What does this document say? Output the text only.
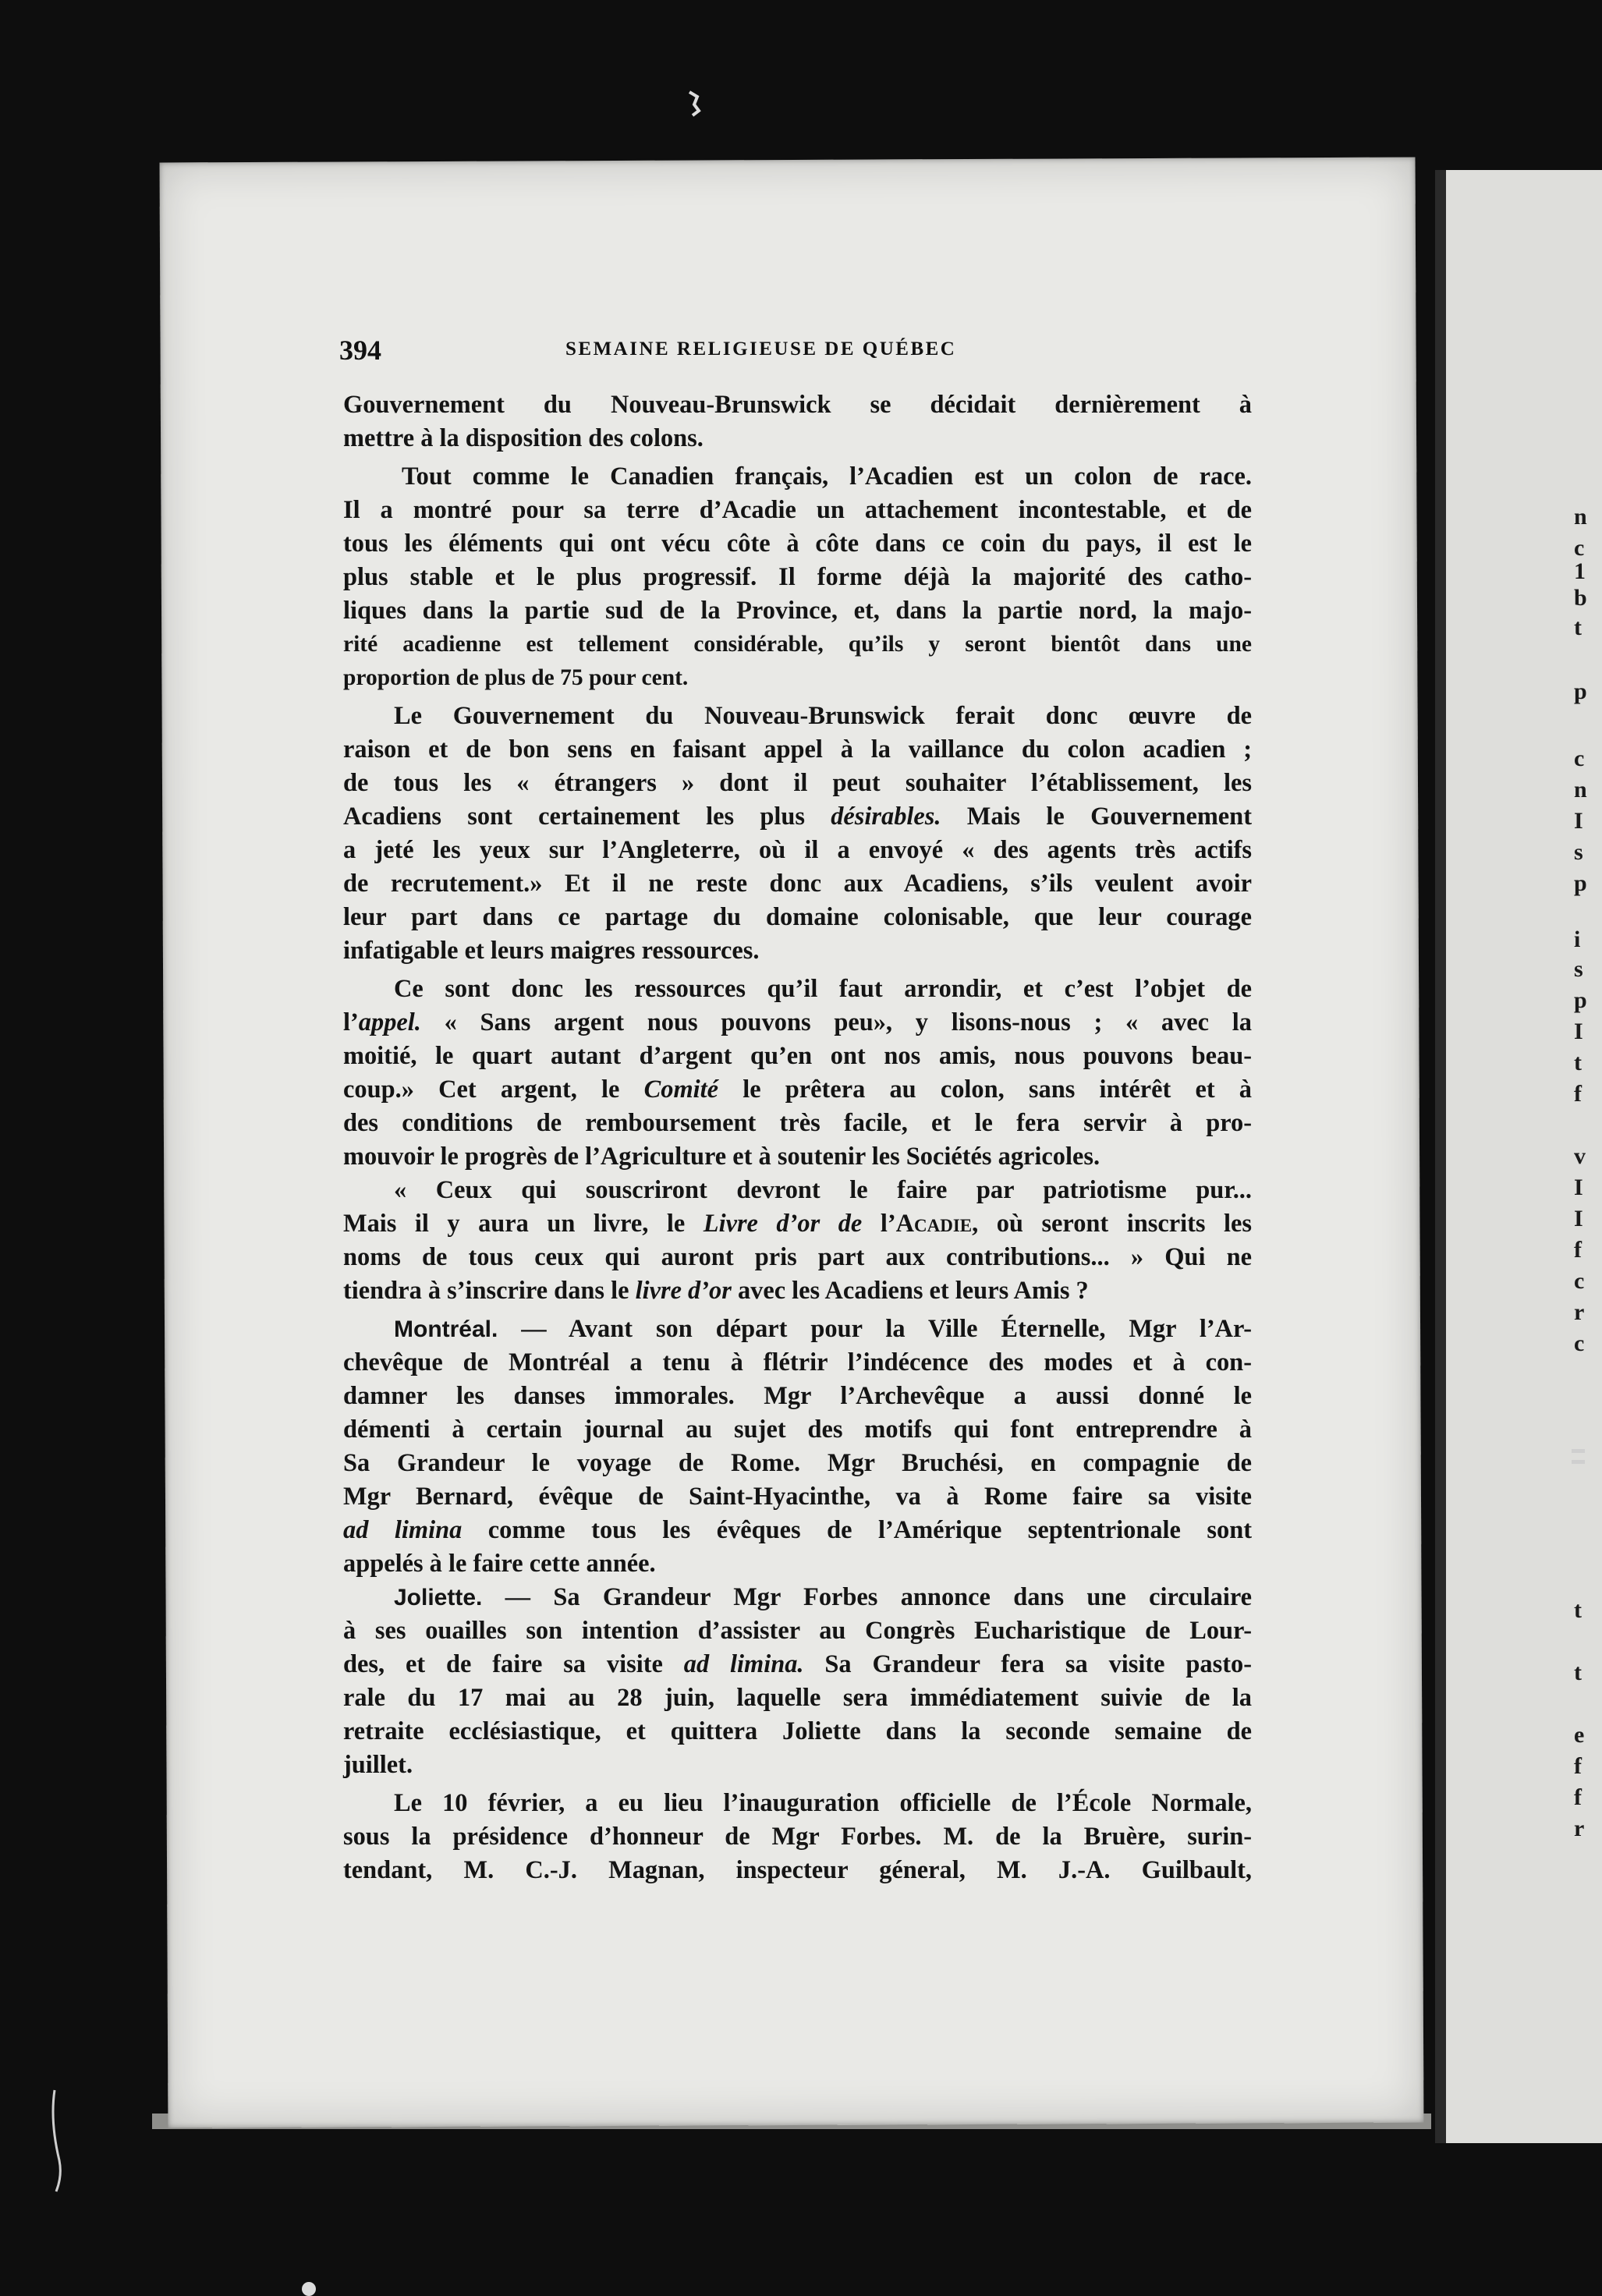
n
c
1
b
t
p
c
n
I
s
p
i
s
p
I
t
f
v
I
I
f
c
r
c
t
t
e
f
f
r
394	SEMAINE RELIGIEUSE DE QUÉBEC
Gouvernement du Nouveau-Brunswick se décidait dernièrement à
mettre à la disposition des colons.
Tout comme le Canadien français, l’Acadien est un colon de race.
Il a montré pour sa terre d’Acadie un attachement incontestable, et de
tous les éléments qui ont vécu côte à côte dans ce coin du pays, il est le
plus stable et le plus progressif. Il forme déjà la majorité des catho-
liques dans la partie sud de la Province, et, dans la partie nord, la majo-
rité acadienne est tellement considérable, qu’ils y seront bientôt dans une
proportion de plus de 75 pour cent.
Le Gouvernement du Nouveau-Brunswick ferait donc œuvre de
raison et de bon sens en faisant appel à la vaillance du colon acadien ;
de tous les « étrangers » dont il peut souhaiter l’établissement, les
Acadiens sont certainement les plus désirables. Mais le Gouvernement
a jeté les yeux sur l’Angleterre, où il a envoyé « des agents très actifs
de recrutement.» Et il ne reste donc aux Acadiens, s’ils veulent avoir
leur part dans ce partage du domaine colonisable, que leur courage
infatigable et leurs maigres ressources.
Ce sont donc les ressources qu’il faut arrondir, et c’est l’objet de
l’appel. « Sans argent nous pouvons peu», y lisons-nous ; « avec la
moitié, le quart autant d’argent qu’en ont nos amis, nous pouvons beau-
coup.» Cet argent, le Comité le prêtera au colon, sans intérêt et à
des conditions de remboursement très facile, et le fera servir à pro-
mouvoir le progrès de l’Agriculture et à soutenir les Sociétés agricoles.
« Ceux qui souscriront devront le faire par patriotisme pur...
Mais il y aura un livre, le Livre d’or de l’Acadie, où seront inscrits les
noms de tous ceux qui auront pris part aux contributions... » Qui ne
tiendra à s’inscrire dans le livre d’or avec les Acadiens et leurs Amis ?
Montréal. — Avant son départ pour la Ville Éternelle, Mgr l’Ar-
chevêque de Montréal a tenu à flétrir l’indécence des modes et à con-
damner les danses immorales. Mgr l’Archevêque a aussi donné le
démenti à certain journal au sujet des motifs qui font entreprendre à
Sa Grandeur le voyage de Rome. Mgr Bruchési, en compagnie de
Mgr Bernard, évêque de Saint-Hyacinthe, va à Rome faire sa visite
ad limina comme tous les évêques de l’Amérique septentrionale sont
appelés à le faire cette année.
Joliette. — Sa Grandeur Mgr Forbes annonce dans une circulaire
à ses ouailles son intention d’assister au Congrès Eucharistique de Lour-
des, et de faire sa visite ad limina. Sa Grandeur fera sa visite pasto-
rale du 17 mai au 28 juin, laquelle sera immédiatement suivie de la
retraite ecclésiastique, et quittera Joliette dans la seconde semaine de
juillet.
Le 10 février, a eu lieu l’inauguration officielle de l’École Normale,
sous la présidence d’honneur de Mgr Forbes. M. de la Bruère, surin-
tendant, M. C.-J. Magnan, inspecteur géneral, M. J.-A. Guilbault,
